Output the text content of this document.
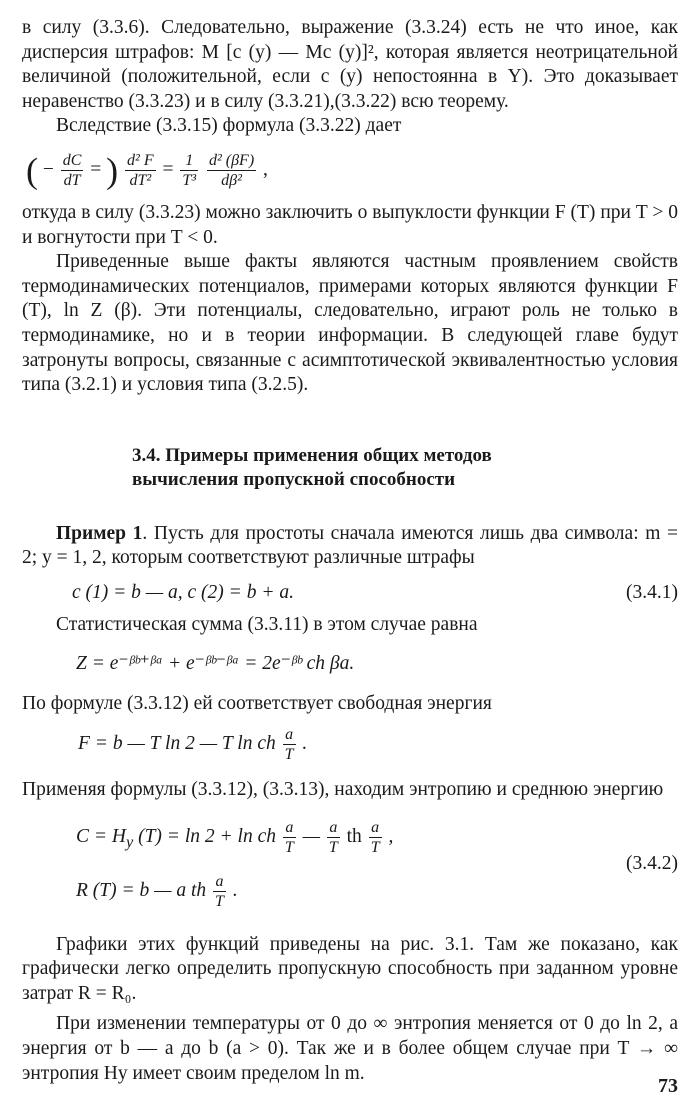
в силу (3.3.6). Следовательно, выражение (3.3.24) есть не что иное, как дисперсия штрафов: M [c (y) — Mc (y)]², которая является неотрицательной величиной (положительной, если c (y) непостоянна в Y). Это доказывает неравенство (3.3.23) и в силу (3.3.21),(3.3.22) всю теорему.

Вследствие (3.3.15) формула (3.3.22) дает

( − $\frac{dC}{dT}$ = ) $\frac{\text{d² F}}{\text{dT²}} = \frac{1}{\text{T³}}$
$\frac{\text{d² (βF)}}{\text{dβ²}}$ ,

откуда в силу (3.3.23) можно заключить о выпуклости функции F (T) при T > 0 и вогнутости при T < 0.

Приведенные выше факты являются частным проявлением свойств термодинамических потенциалов, примерами которых являются функции F (T), ln Z (β). Эти потенциалы, следовательно, играют роль не только в термодинамике, но и в теории информации. В следующей главе будут затронуты вопросы, связанные с асимптотической эквивалентностью условия типа (3.2.1) и условия типа (3.2.5).

3.4. Примеры применения общих методов
вычисления пропускной способности

Пример 1. Пусть для простоты сначала имеются лишь два символа: m = 2; y = 1, 2, которым соответствуют различные штрафы

c (1) = b — a, c (2) = b + a.	(3.4.1)

Статистическая сумма (3.3.11) в этом случае равна

Z = e⁻ᵝᵇ⁺ᵝᵃ + e⁻ᵝᵇ⁻ᵝᵃ = 2e⁻ᵝᵇ ch βa.

По формуле (3.3.12) ей соответствует свободная энергия

F = b — T ln 2 — T ln ch $\frac{a}{T}$ .

Применяя формулы (3.3.12), (3.3.13), находим энтропию и среднюю энергию

$C = H_y$ (T) = ln 2 + ln ch $\frac{a}{T}$ — $\frac{a}{T}$ th $\frac{a}{T}$ ,
R (T) = b — a th $\frac{a}{T}$ .
(3.4.2)

Графики этих функций приведены на рис. 3.1. Там же показано, как графически легко определить пропускную способность при заданном уровне затрат R = R₀.

При изменении температуры от 0 до ∞ энтропия меняется от 0 до ln 2, а энергия от b — a до b (a > 0). Так же и в более общем случае при T → ∞ энтропия Hy имеет своим пределом ln m.

73
